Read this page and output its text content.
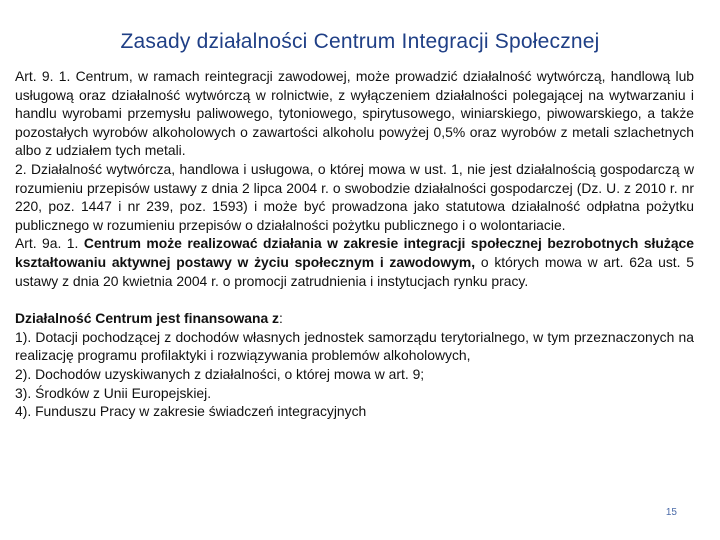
Zasady działalności Centrum Integracji Społecznej

Art. 9. 1. Centrum, w ramach reintegracji zawodowej, może prowadzić działalność wytwórczą, handlową lub usługową oraz działalność wytwórczą w rolnictwie, z wyłączeniem działalności polegającej na wytwarzaniu i handlu wyrobami przemysłu paliwowego, tytoniowego, spirytusowego, winiarskiego, piwowarskiego, a także pozostałych wyrobów alkoholowych o zawartości alkoholu powyżej 0,5% oraz wyrobów z metali szlachetnych albo z udziałem tych metali.

2. Działalność wytwórcza, handlowa i usługowa, o której mowa w ust. 1, nie jest działalnością gospodarczą w rozumieniu przepisów ustawy z dnia 2 lipca 2004 r. o swobodzie działalności gospodarczej (Dz. U. z 2010 r. nr 220, poz. 1447 i nr 239, poz. 1593) i może być prowadzona jako statutowa działalność odpłatna pożytku publicznego w rozumieniu przepisów o działalności pożytku publicznego i o wolontariacie.

Art. 9a. 1. Centrum może realizować działania w zakresie integracji społecznej bezrobotnych służące kształtowaniu aktywnej postawy w życiu społecznym i zawodowym, o których mowa w art. 62a ust. 5 ustawy z dnia 20 kwietnia 2004 r. o promocji zatrudnienia i instytucjach rynku pracy.

Działalność Centrum jest finansowana z:

1). Dotacji pochodzącej z dochodów własnych jednostek samorządu terytorialnego, w tym przeznaczonych na realizację programu profilaktyki i rozwiązywania problemów alkoholowych,

2). Dochodów uzyskiwanych z działalności, o której mowa w art. 9;

3). Środków z Unii Europejskiej.

4). Funduszu Pracy w zakresie świadczeń integracyjnych

15
